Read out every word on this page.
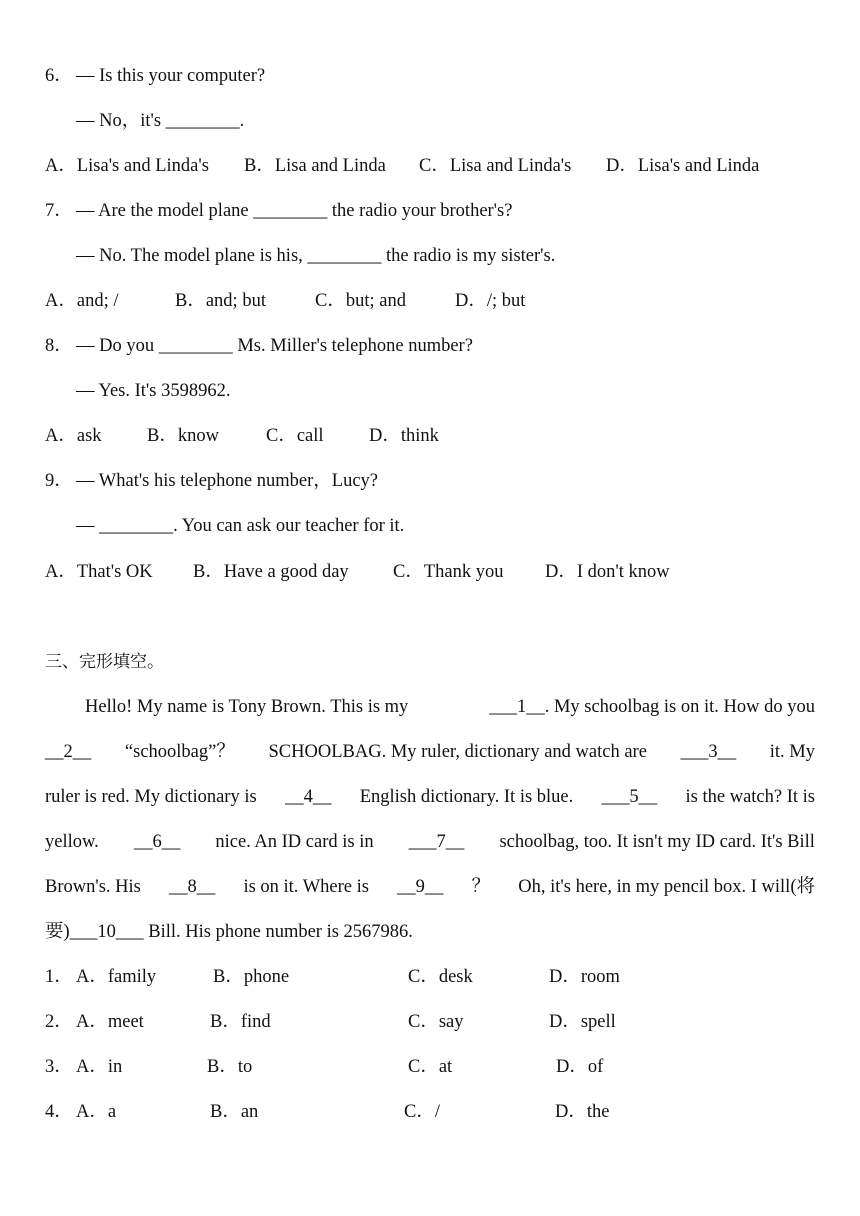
6． — Is this your computer?
— No，it's ________.
A．Lisa's and Linda's B．Lisa and Linda C．Lisa and Linda's D．Lisa's and Linda
7． — Are the model plane ________ the radio your brother's?
— No. The model plane is his, ________ the radio is my sister's.
A．and; /	B．and; but	C．but; and	D．/; but
8． — Do you ________ Ms. Miller's telephone number?
— Yes. It's 3598962.
A．ask B．know	C．call D．think
9． — What's his telephone number，Lucy?
— ________. You can ask our teacher for it.
A．That's OK B．Have a good day C．Thank you D．I don't know
三、完形填空。
Hello! My name is Tony Brown. This is my	___1__. My schoolbag is on it. How do you
__2__ “schoolbag”？ SCHOOLBAG. My ruler, dictionary and watch are ___3__ it. My
ruler is red. My dictionary is __4__ English dictionary. It is blue. ___5__ is the watch? It is
yellow. __6__ nice. An ID card is in ___7__ schoolbag, too. It isn't my ID card. It's Bill
Brown's. His __8__ is on it. Where is __9__ ？ Oh, it's here, in my pencil box. I will(将
要)___10___ Bill. His phone number is 2567986.
1． A．family	B．phone	C．desk	D．room
2． A．meet	B．find	C．say	D．spell
3． A．in	B．to	C．at	D．of
4． A．a	B．an	C．/	D．the
